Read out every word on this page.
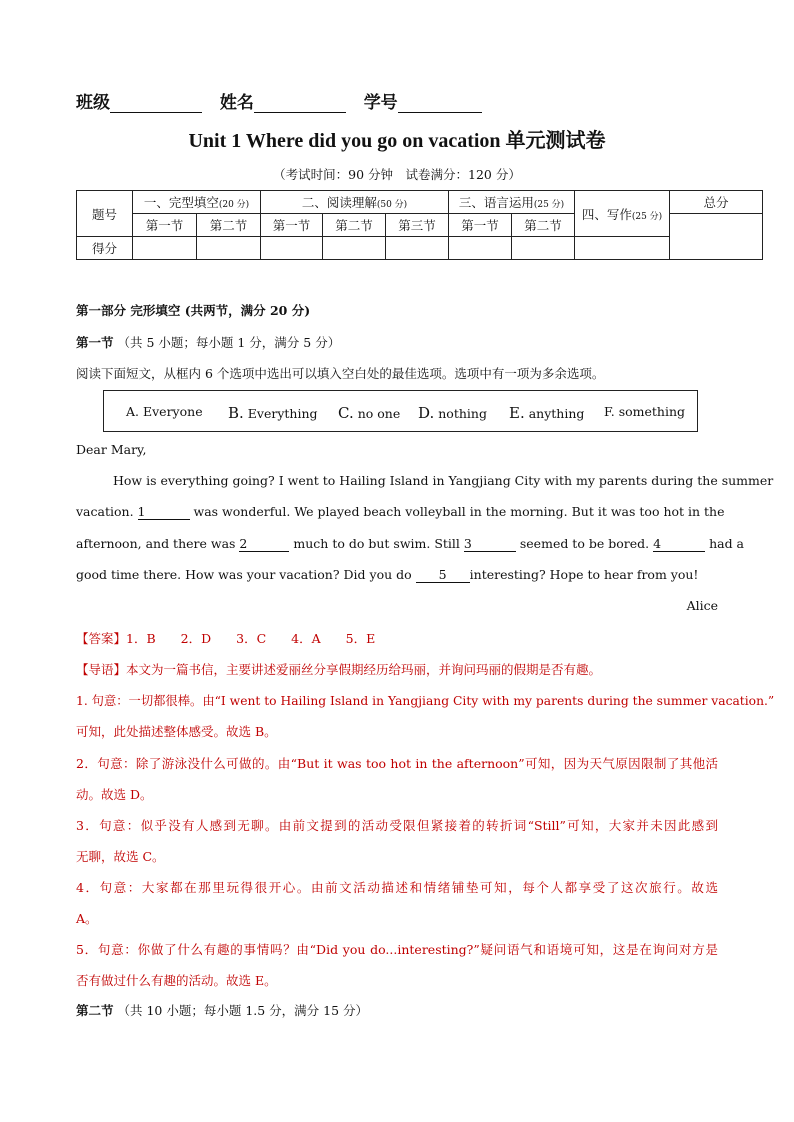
班级	姓名	学号
Unit 1 Where did you go on vacation 单元测试卷
（考试时间：90 分钟　试卷满分：120 分）
题号	一、完型填空(20 分)		二、阅读理解(50 分)			三、语言运用(25 分)		四、写作(25 分)	总分
	第一节	第二节	第一节	第二节	第三节	第一节	第二节		
得分									
第一部分 完形填空 (共两节，满分 20 分)
第一节 （共 5 小题；每小题 1 分，满分 5 分）
阅读下面短文，从框内 6 个选项中选出可以填入空白处的最佳选项。选项中有一项为多余选项。
A. Everyone B. Everything C. no one D. nothing E. anything F. something
Dear Mary,
How is everything going? I went to Hailing Island in Yangjiang City with my parents during the summer
vacation. 1	was wonderful. We played beach volleyball in the morning. But it was too hot in the
afternoon, and there was 2	much to do but swim. Still 3	seemed to be bored. 4	had a
good time there. How was your vacation? Did you do 5 interesting? Hope to hear from you!
Alice
【答案】1．B　　2．D　　3．C　　4．A　　5．E
【导语】本文为一篇书信，主要讲述爱丽丝分享假期经历给玛丽，并询问玛丽的假期是否有趣。
1. 句意：一切都很棒。由“I went to Hailing Island in Yangjiang City with my parents during the summer vacation.”
可知，此处描述整体感受。故选 B。
2．句意：除了游泳没什么可做的。由“But it was too hot in the afternoon”可知，因为天气原因限制了其他活
动。故选 D。
3．句意：似乎没有人感到无聊。由前文提到的活动受限但紧接着的转折词“Still”可知，大家并未因此感到
无聊，故选 C。
4．句意：大家都在那里玩得很开心。由前文活动描述和情绪铺垫可知，每个人都享受了这次旅行。故选
A。
5．句意：你做了什么有趣的事情吗？由“Did you do...interesting?”疑问语气和语境可知，这是在询问对方是
否有做过什么有趣的活动。故选 E。
第二节 （共 10 小题；每小题 1.5 分，满分 15 分）
